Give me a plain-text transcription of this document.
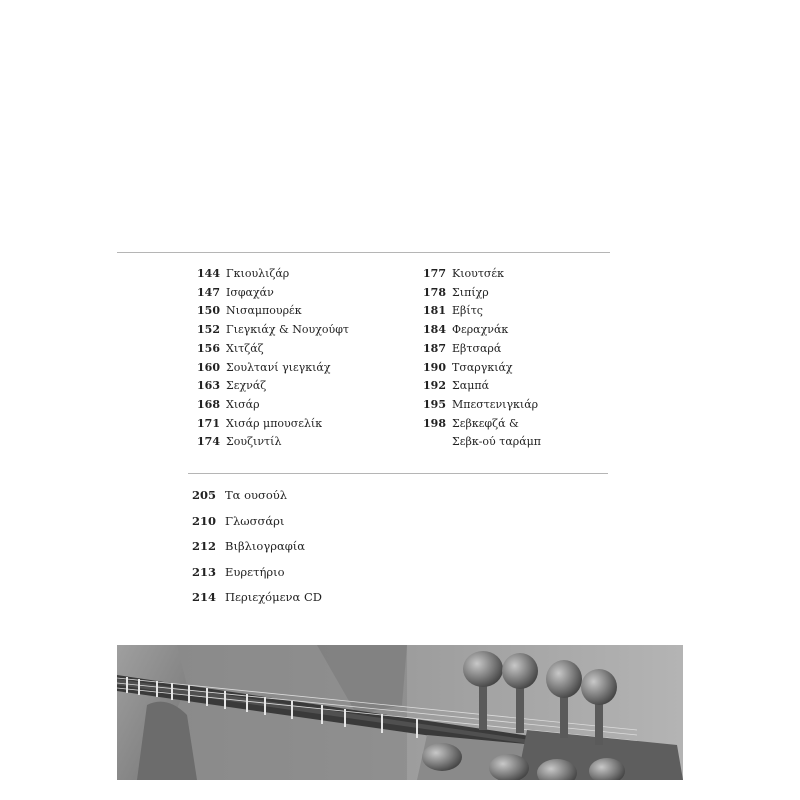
144 Γκιουλιζάρ
147 Ισφαχάν
150 Νισαμπουρέκ
152 Γιεγκιάχ & Νουχούφτ
156 Χιτζάζ
160 Σουλτανί γιεγκιάχ
163 Σεχνάζ
168 Χισάρ
171 Χισάρ μπουσελίκ
174 Σουζιντίλ
177 Κιουτσέκ
178 Σιπίχρ
181 Εβίτς
184 Φεραχνάκ
187 Εβτσαρά
190 Τσαργκιάχ
192 Σαμπά
195 Μπεστενιγκιάρ
198 Σεβκεφζά &
Σεβκ-ού ταράμπ
205 Τα ουσούλ
210 Γλωσσάρι
212 Βιβλιογραφία
213 Ευρετήριο
214 Περιεχόμενα CD
